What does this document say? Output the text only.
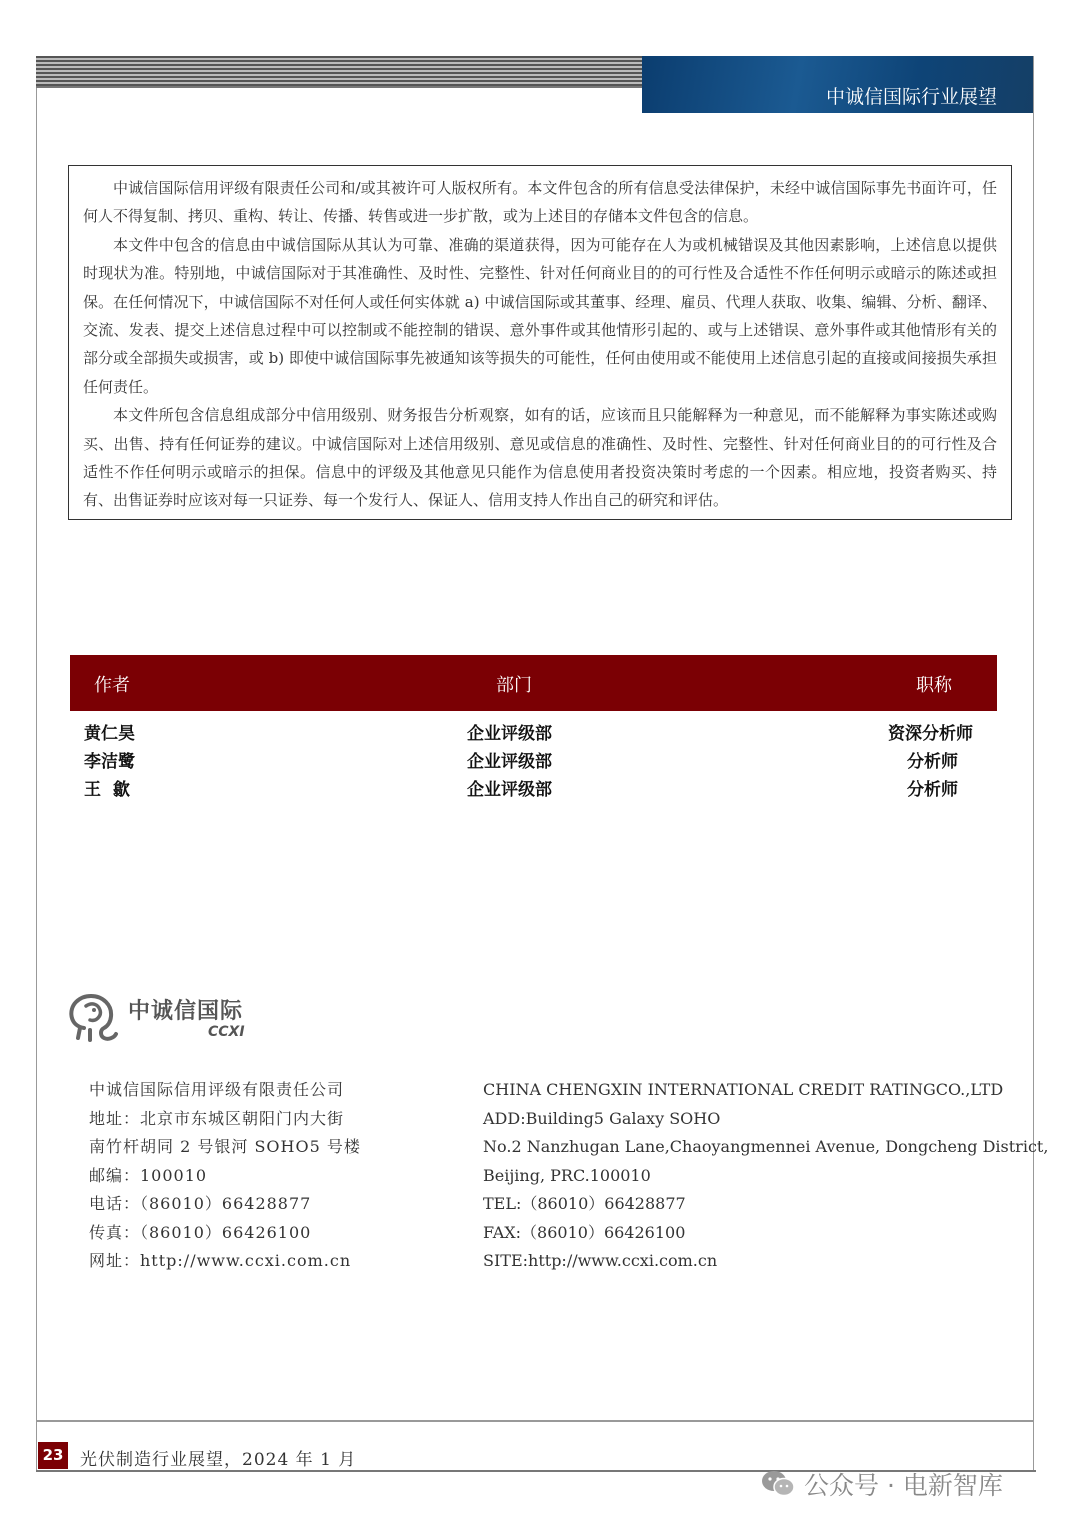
中诚信国际行业展望

中诚信国际信用评级有限责任公司和/或其被许可人版权所有。本文件包含的所有信息受法律保护，未经中诚信国际事先书面许可，任何人不得复制、拷贝、重构、转让、传播、转售或进一步扩散，或为上述目的存储本文件包含的信息。

本文件中包含的信息由中诚信国际从其认为可靠、准确的渠道获得，因为可能存在人为或机械错误及其他因素影响，上述信息以提供时现状为准。特别地，中诚信国际对于其准确性、及时性、完整性、针对任何商业目的的可行性及合适性不作任何明示或暗示的陈述或担保。在任何情况下，中诚信国际不对任何人或任何实体就 a) 中诚信国际或其董事、经理、雇员、代理人获取、收集、编辑、分析、翻译、交流、发表、提交上述信息过程中可以控制或不能控制的错误、意外事件或其他情形引起的、或与上述错误、意外事件或其他情形有关的部分或全部损失或损害，或 b) 即使中诚信国际事先被通知该等损失的可能性，任何由使用或不能使用上述信息引起的直接或间接损失承担任何责任。

本文件所包含信息组成部分中信用级别、财务报告分析观察，如有的话，应该而且只能解释为一种意见，而不能解释为事实陈述或购买、出售、持有任何证券的建议。中诚信国际对上述信用级别、意见或信息的准确性、及时性、完整性、针对任何商业目的的可行性及合适性不作任何明示或暗示的担保。信息中的评级及其他意见只能作为信息使用者投资决策时考虑的一个因素。相应地，投资者购买、持有、出售证券时应该对每一只证券、每一个发行人、保证人、信用支持人作出自己的研究和评估。

作者	部门	职称
黄仁昊	企业评级部	资深分析师
李洁鹭	企业评级部	分析师
王  歙	企业评级部	分析师
中诚信国际
CCXI
中诚信国际信用评级有限责任公司
地址：北京市东城区朝阳门内大街
南竹杆胡同 2 号银河 SOHO5 号楼
邮编：100010
电话：（86010）66428877
传真：（86010）66426100
网址：http://www.ccxi.com.cn
CHINA CHENGXIN INTERNATIONAL CREDIT RATINGCO.,LTD
ADD:Building5 Galaxy SOHO
No.2 Nanzhugan Lane,Chaoyangmennei Avenue, Dongcheng District,
Beijing, PRC.100010
TEL:（86010）66428877
FAX:（86010）66426100
SITE:http://www.ccxi.com.cn
23 光伏制造行业展望，2024 年 1 月
公众号 · 电新智库
